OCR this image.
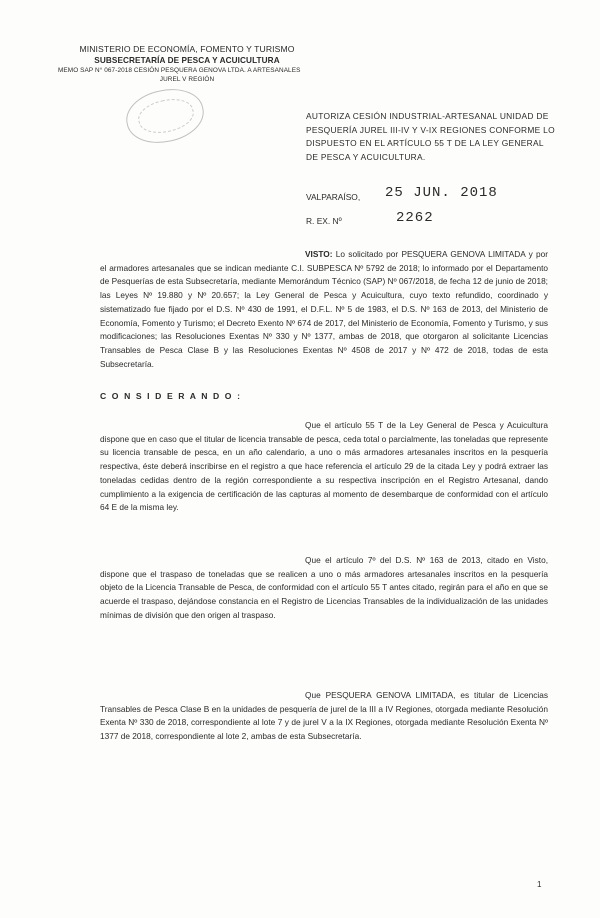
MINISTERIO DE ECONOMÍA, FOMENTO Y TURISMO
SUBSECRETARÍA DE PESCA Y ACUICULTURA
MEMO SAP N° 067-2018 CESIÓN PESQUERA GENOVA LTDA. A ARTESANALES
JUREL V REGIÓN
AUTORIZA CESIÓN INDUSTRIAL-ARTESANAL UNIDAD DE PESQUERÍA JUREL III-IV Y V-IX REGIONES CONFORME LO DISPUESTO EN EL ARTÍCULO 55 T DE LA LEY GENERAL DE PESCA Y ACUICULTURA.
VALPARAÍSO, 25 JUN. 2018
R. EX. Nº	2262
VISTO: Lo solicitado por PESQUERA GENOVA LIMITADA y por el armadores artesanales que se indican mediante C.I. SUBPESCA Nº 5792 de 2018; lo informado por el Departamento de Pesquerías de esta Subsecretaría, mediante Memorándum Técnico (SAP) Nº 067/2018, de fecha 12 de junio de 2018; las Leyes Nº 19.880 y Nº 20.657; la Ley General de Pesca y Acuicultura, cuyo texto refundido, coordinado y sistematizado fue fijado por el D.S. Nº 430 de 1991, el D.F.L. Nº 5 de 1983, el D.S. Nº 163 de 2013, del Ministerio de Economía, Fomento y Turismo; el Decreto Exento Nº 674 de 2017, del Ministerio de Economía, Fomento y Turismo, y sus modificaciones; las Resoluciones Exentas Nº 330 y Nº 1377, ambas de 2018, que otorgaron al solicitante Licencias Transables de Pesca Clase B y las Resoluciones Exentas Nº 4508 de 2017 y Nº 472 de 2018, todas de esta Subsecretaría.
C O N S I D E R A N D O :
Que el artículo 55 T de la Ley General de Pesca y Acuicultura dispone que en caso que el titular de licencia transable de pesca, ceda total o parcialmente, las toneladas que represente su licencia transable de pesca, en un año calendario, a uno o más armadores artesanales inscritos en la pesquería respectiva, éste deberá inscribirse en el registro a que hace referencia el artículo 29 de la citada Ley y podrá extraer las toneladas cedidas dentro de la región correspondiente a su respectiva inscripción en el Registro Artesanal, dando cumplimiento a la exigencia de certificación de las capturas al momento de desembarque de conformidad con el artículo 64 E de la misma ley.
Que el artículo 7º del D.S. Nº 163 de 2013, citado en Visto, dispone que el traspaso de toneladas que se realicen a uno o más armadores artesanales inscritos en la pesquería objeto de la Licencia Transable de Pesca, de conformidad con el artículo 55 T antes citado, regirán para el año en que se acuerde el traspaso, dejándose constancia en el Registro de Licencias Transables de la individualización de las unidades mínimas de división que den origen al traspaso.
Que PESQUERA GENOVA LIMITADA, es titular de Licencias Transables de Pesca Clase B en la unidades de pesquería de jurel de la III a IV Regiones, otorgada mediante Resolución Exenta Nº 330 de 2018, correspondiente al lote 7 y de jurel V a la IX Regiones, otorgada mediante Resolución Exenta Nº 1377 de 2018, correspondiente al lote 2, ambas de esta Subsecretaría.
1
